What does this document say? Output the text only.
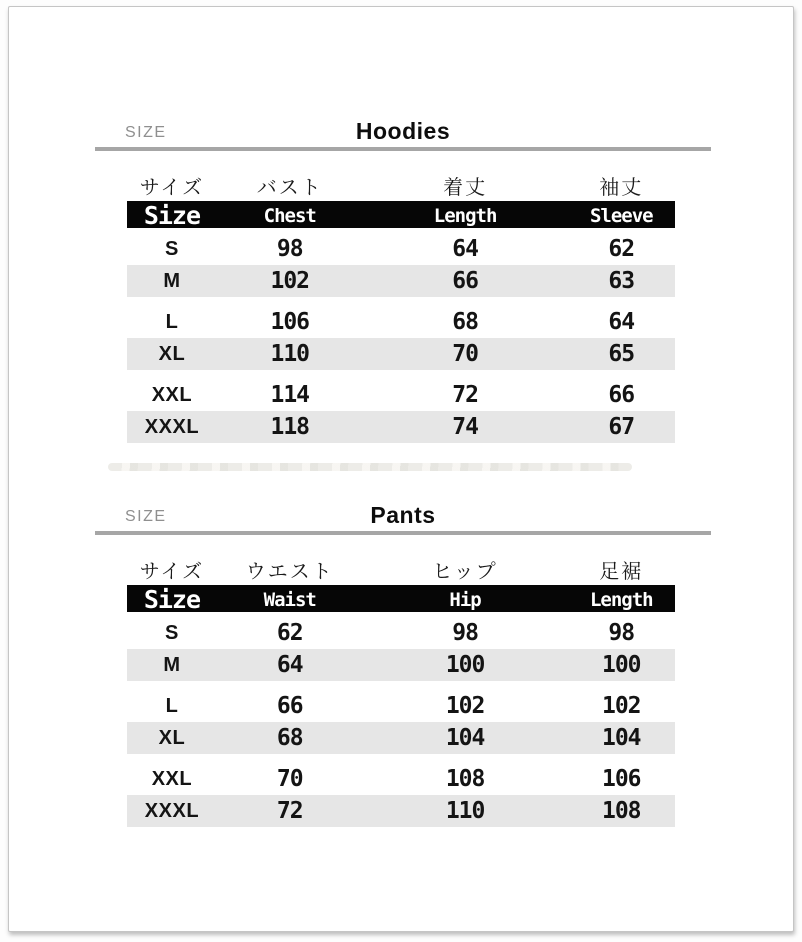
SIZE	Hoodies
サイズ	バスト	着丈	袖丈
Size	Chest	Length	Sleeve
S	98	64	62
M	102	66	63
L	106	68	64
XL	110	70	65
XXL	114	72	66
XXXL	118	74	67
SIZE	Pants
サイズ	ウエスト	ヒップ	足裾
Size	Waist	Hip	Length
S	62	98	98
M	64	100	100
L	66	102	102
XL	68	104	104
XXL	70	108	106
XXXL	72	110	108
